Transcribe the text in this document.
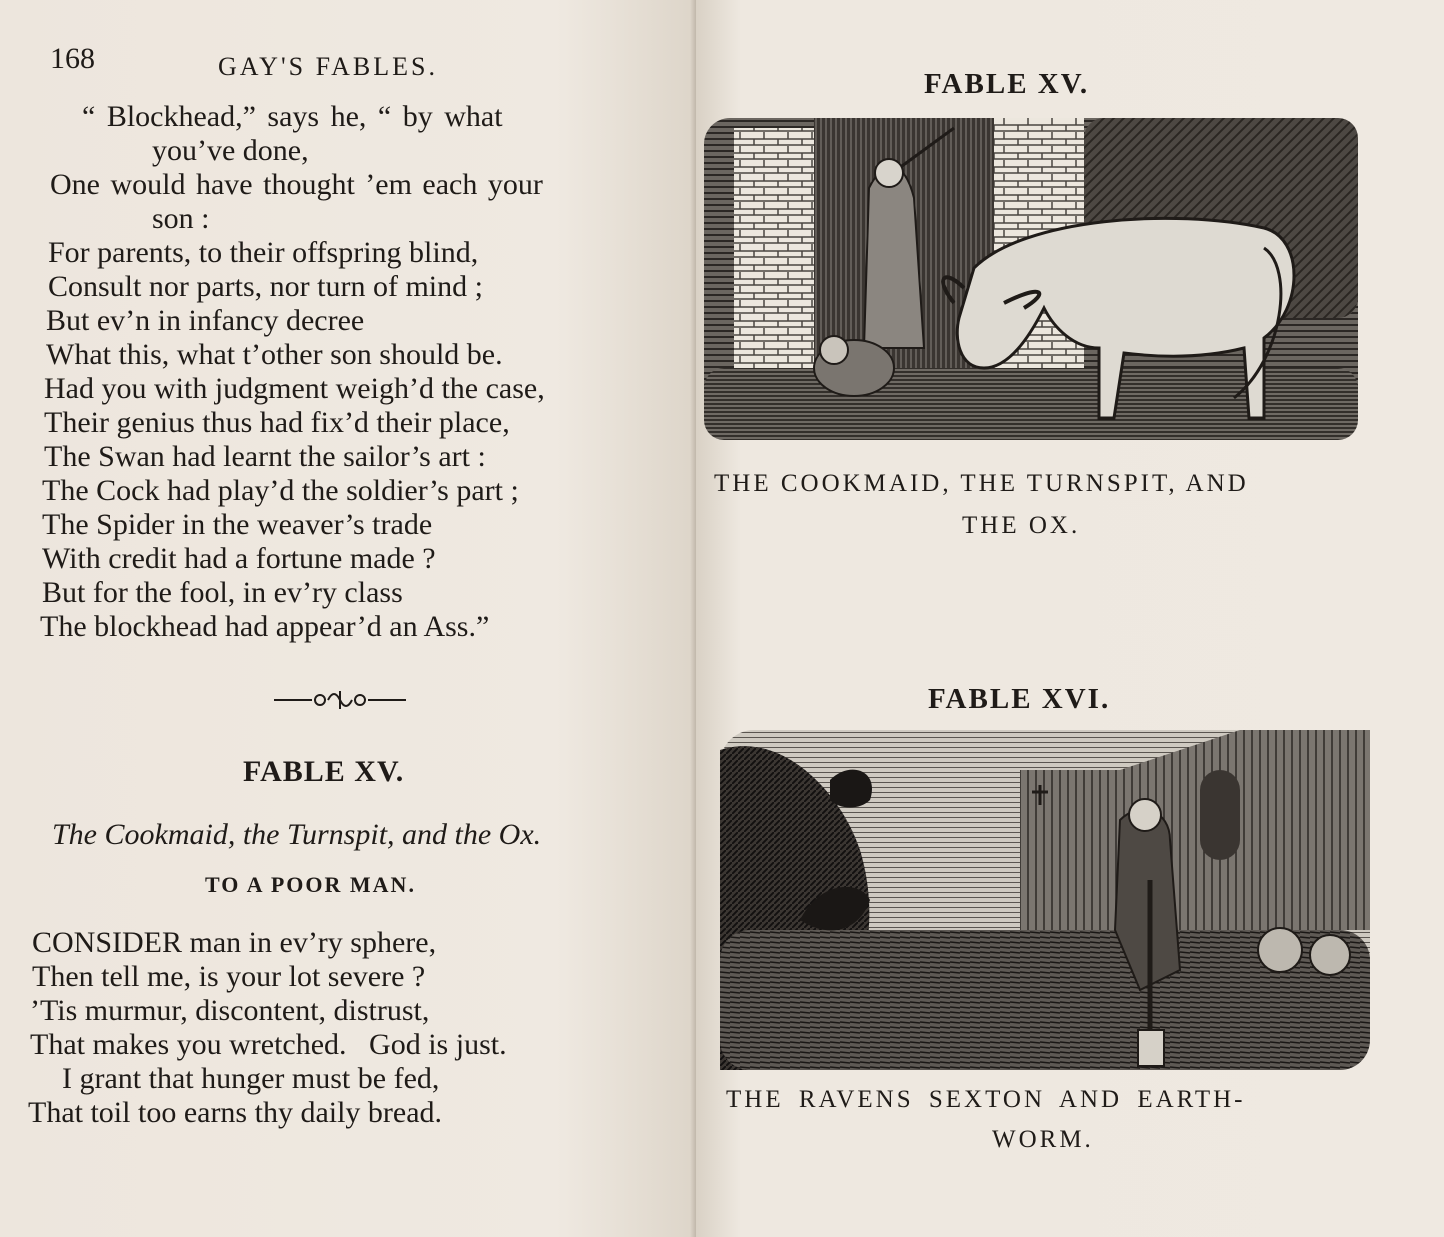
168	GAY'S FABLES.
“ Blockhead,” says he, “ by what
you’ve done,
One would have thought ’em each your
son :
For parents, to their offspring blind,
Consult nor parts, nor turn of mind ;
But ev’n in infancy decree
What this, what t’other son should be.
Had you with judgment weigh’d the case,
Their genius thus had fix’d their place,
The Swan had learnt the sailor’s art :
The Cock had play’d the soldier’s part ;
The Spider in the weaver’s trade
With credit had a fortune made ?
But for the fool, in ev’ry class
The blockhead had appear’d an Ass.”
FABLE XV.
The Cookmaid, the Turnspit, and the Ox.
TO A POOR MAN.
CONSIDER man in ev’ry sphere,
Then tell me, is your lot severe ?
’Tis murmur, discontent, distrust,
That makes you wretched.   God is just.
I grant that hunger must be fed,
That toil too earns thy daily bread.
FABLE XV.
THE COOKMAID, THE TURNSPIT, AND
THE OX.
FABLE XVI.
THE RAVENS SEXTON AND EARTH-
WORM.
